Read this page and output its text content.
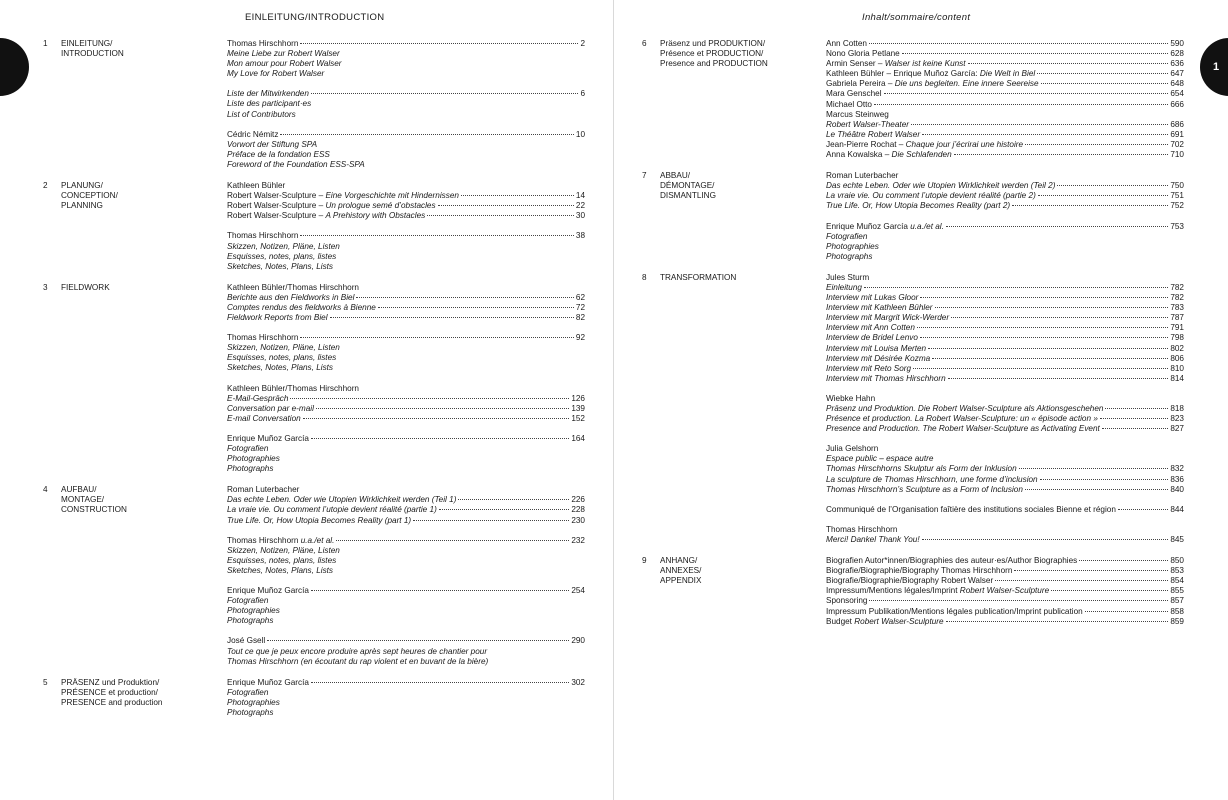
EINLEITUNG/INTRODUCTION
1	EINLEITUNG/
INTRODUCTION
Thomas Hirschhorn	2
Meine Liebe zur Robert Walser
Mon amour pour Robert Walser
My Love for Robert Walser
Liste der Mitwirkenden	6
Liste des participant·es
List of Contributors
Cédric Némitz	10
Vorwort der Stiftung SPA
Préface de la fondation ESS
Foreword of the Foundation ESS-SPA
2	PLANUNG/
CONCEPTION/
PLANNING
Kathleen Bühler
Robert Walser-Sculpture – Eine Vorgeschichte mit Hindernissen	14
Robert Walser-Sculpture – Un prologue semé d’obstacles	22
Robert Walser-Sculpture – A Prehistory with Obstacles	30
Thomas Hirschhorn	38
Skizzen, Notizen, Pläne, Listen
Esquisses, notes, plans, listes
Sketches, Notes, Plans, Lists
3	FIELDWORK	Kathleen Bühler/Thomas Hirschhorn
Berichte aus den Fieldworks in Biel	62
Comptes rendus des fieldworks à Bienne	72
Fieldwork Reports from Biel	82
Thomas Hirschhorn	92
Skizzen, Notizen, Pläne, Listen
Esquisses, notes, plans, listes
Sketches, Notes, Plans, Lists
Kathleen Bühler/Thomas Hirschhorn
E-Mail-Gespräch	126
Conversation par e-mail	139
E-mail Conversation	152
Enrique Muñoz García	164
Fotografien
Photographies
Photographs
4	AUFBAU/
MONTAGE/
CONSTRUCTION
Roman Luterbacher
Das echte Leben. Oder wie Utopien Wirklichkeit werden (Teil 1)	226
La vraie vie. Ou comment l’utopie devient réalité (partie 1)	228
True Life. Or, How Utopia Becomes Reality (part 1)	230
Thomas Hirschhorn u.a./et al.	232
Skizzen, Notizen, Pläne, Listen
Esquisses, notes, plans, listes
Sketches, Notes, Plans, Lists
Enrique Muñoz García	254
Fotografien
Photographies
Photographs
José Gsell	290
Tout ce que je peux encore produire après sept heures de chantier pour
Thomas Hirschhorn (en écoutant du rap violent et en buvant de la bière)
5	PRÄSENZ und Produktion/
PRÉSENCE et production/
PRESENCE and production
Enrique Muñoz García	302
Fotografien
Photographies
Photographs
Inhalt/sommaire/content
1
6	Präsenz und PRODUKTION/
Présence et PRODUCTION/
Presence and PRODUCTION
Ann Cotten	590
Nono Gloria Petlane	628
Armin Senser – Walser ist keine Kunst	636
Kathleen Bühler – Enrique Muñoz García: Die Welt in Biel	647
Gabriela Pereira – Die uns begleiten. Eine innere Seereise	648
Mara Genschel	654
Michael Otto	666
Marcus Steinweg
Robert Walser-Theater	686
Le Théâtre Robert Walser	691
Jean-Pierre Rochat – Chaque jour j’écrirai une histoire	702
Anna Kowalska – Die Schlafenden	710
7	ABBAU/
DÉMONTAGE/
DISMANTLING
Roman Luterbacher
Das echte Leben. Oder wie Utopien Wirklichkeit werden (Teil 2)	750
La vraie vie. Ou comment l’utopie devient réalité (partie 2)	751
True Life. Or, How Utopia Becomes Reality (part 2)	752
Enrique Muñoz García u.a./et al.	753
Fotografien
Photographies
Photographs
8	TRANSFORMATION	Jules Sturm
Einleitung	782
Interview mit Lukas Gloor	782
Interview mit Kathleen Bühler	783
Interview mit Margrit Wick-Werder	787
Interview mit Ann Cotten	791
Interview de Bridel Lenvo	798
Interview mit Louisa Merten	802
Interview mit Désirée Kozma	806
Interview mit Reto Sorg	810
Interview mit Thomas Hirschhorn	814
Wiebke Hahn
Präsenz und Produktion. Die Robert Walser-Sculpture als Aktionsgeschehen	818
Présence et production. La Robert Walser-Sculpture: un « épisode action »	823
Presence and Production. The Robert Walser-Sculpture as Activating Event	827
Julia Gelshorn
Espace public – espace autre
Thomas Hirschhorns Skulptur als Form der Inklusion	832
La sculpture de Thomas Hirschhorn, une forme d’inclusion	836
Thomas Hirschhorn’s Sculpture as a Form of Inclusion	840
Communiqué de l’Organisation faîtière des institutions sociales Bienne et région	844
Thomas Hirschhorn
Merci! Dankel Thank You!	845
9	ANHANG/
ANNEXES/
APPENDIX
Biografien Autor*innen/Biographies des auteur·es/Author Biographies	850
Biografie/Biographie/Biography Thomas Hirschhorn	853
Biografie/Biographie/Biography Robert Walser	854
Impressum/Mentions légales/Imprint Robert Walser-Sculpture	855
Sponsoring	857
Impressum Publikation/Mentions légales publication/Imprint publication	858
Budget Robert Walser-Sculpture	859
